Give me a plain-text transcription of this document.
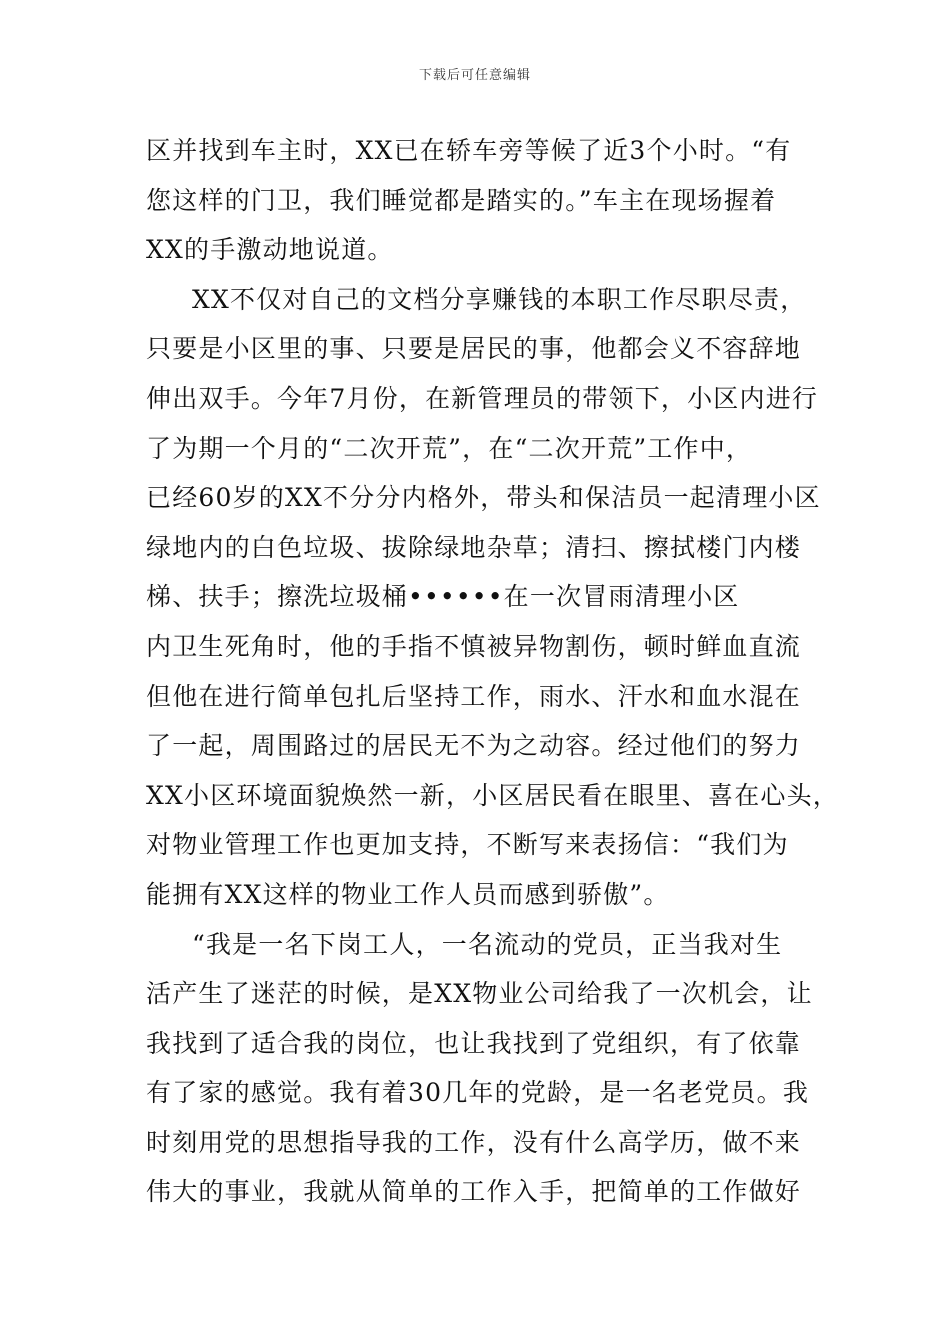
下载后可任意编辑
区并找到车主时，XX已在轿车旁等候了近3个小时。“有
您这样的门卫，我们睡觉都是踏实的。”车主在现场握着
XX的手激动地说道。
XX不仅对自己的文档分享赚钱的本职工作尽职尽责，
只要是小区里的事、只要是居民的事，他都会义不容辞地
伸出双手。今年7月份，在新管理员的带领下，小区内进行
了为期一个月的“二次开荒”，在“二次开荒”工作中，
已经60岁的XX不分分内格外，带头和保洁员一起清理小区
绿地内的白色垃圾、拔除绿地杂草；清扫、擦拭楼门内楼
梯、扶手；擦洗垃圾桶••••••在一次冒雨清理小区
内卫生死角时，他的手指不慎被异物割伤，顿时鲜血直流
但他在进行简单包扎后坚持工作，雨水、汗水和血水混在
了一起，周围路过的居民无不为之动容。经过他们的努力
XX小区环境面貌焕然一新，小区居民看在眼里、喜在心头，
对物业管理工作也更加支持，不断写来表扬信：“我们为
能拥有XX这样的物业工作人员而感到骄傲”。
“我是一名下岗工人，一名流动的党员，正当我对生
活产生了迷茫的时候，是XX物业公司给我了一次机会，让
我找到了适合我的岗位，也让我找到了党组织，有了依靠
有了家的感觉。我有着30几年的党龄，是一名老党员。我
时刻用党的思想指导我的工作，没有什么高学历，做不来
伟大的事业，我就从简单的工作入手，把简单的工作做好
